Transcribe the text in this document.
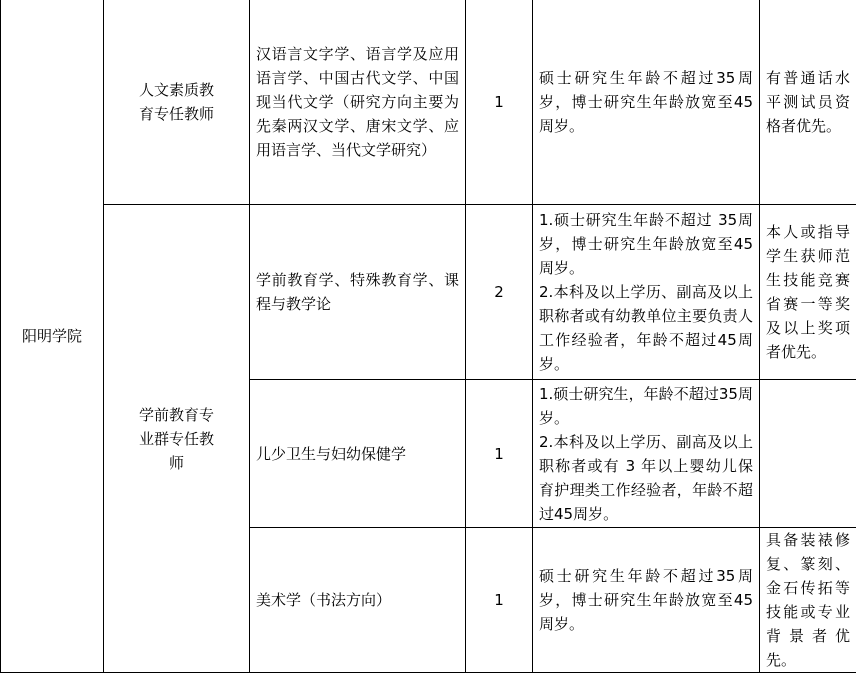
阳明学院	人文素质教育专任教师	汉语言文字学、语言学及应用语言学、中国古代文学、中国现当代文学（研究方向主要为先秦两汉文学、唐宋文学、应用语言学、当代文学研究）	1	硕士研究生年龄不超过35周岁，博士研究生年龄放宽至45周岁。	有普通话水平测试员资格者优先。
	学前教育专业群专任教师	学前教育学、特殊教育学、课程与教学论	2	1.硕士研究生年龄不超过 35周岁，博士研究生年龄放宽至45周岁。
2.本科及以上学历、副高及以上职称者或有幼教单位主要负责人工作经验者，年龄不超过45周岁。	本人或指导学生获师范生技能竞赛省赛一等奖及以上奖项者优先。
		儿少卫生与妇幼保健学	1	1.硕士研究生，年龄不超过35周岁。
2.本科及以上学历、副高及以上职称者或有 3 年以上婴幼儿保育护理类工作经验者，年龄不超过45周岁。	

		美术学（书法方向）	1	硕士研究生年龄不超过35周岁，博士研究生年龄放宽至45周岁。	具备装裱修复、篆刻、金石传拓等技能或专业背景者优先。
